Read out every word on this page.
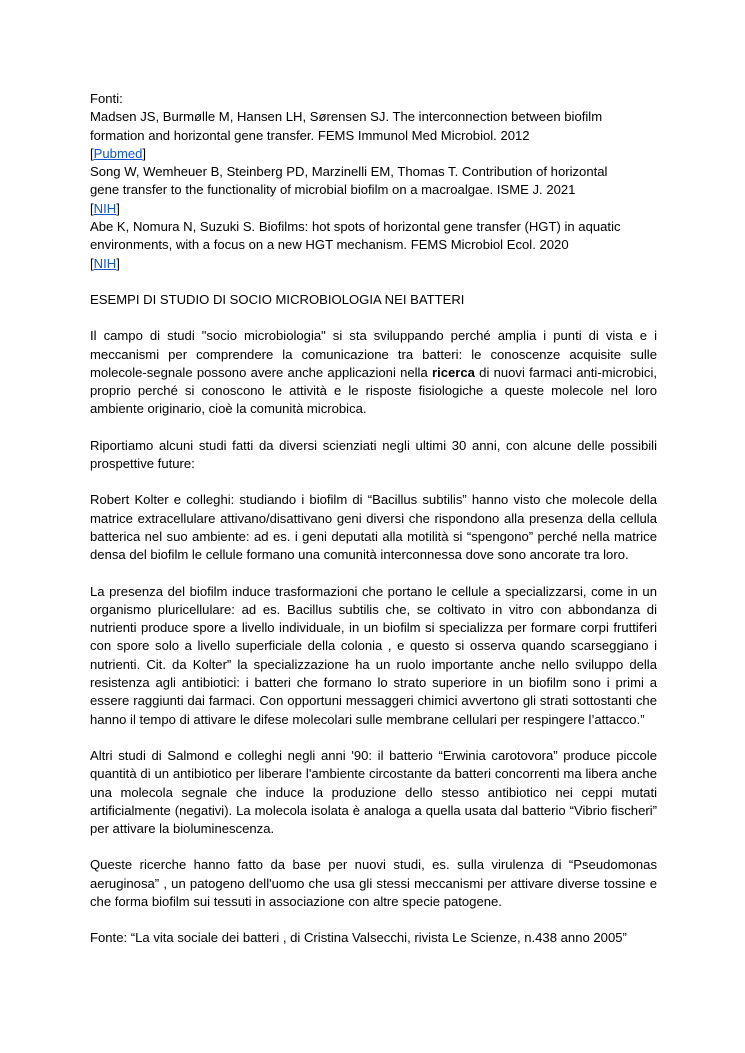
Fonti:
Madsen JS, Burmølle M, Hansen LH, Sørensen SJ. The interconnection between biofilm
formation and horizontal gene transfer. FEMS Immunol Med Microbiol. 2012
[Pubmed]
Song W, Wemheuer B, Steinberg PD, Marzinelli EM, Thomas T. Contribution of horizontal
gene transfer to the functionality of microbial biofilm on a macroalgae. ISME J. 2021
[NIH]
Abe K, Nomura N, Suzuki S. Biofilms: hot spots of horizontal gene transfer (HGT) in aquatic
environments, with a focus on a new HGT mechanism. FEMS Microbiol Ecol. 2020
[NIH]
ESEMPI DI STUDIO DI SOCIO MICROBIOLOGIA NEI BATTERI

Il campo di studi "socio microbiologia" si sta sviluppando perché amplia i punti di vista e i meccanismi per comprendere la comunicazione tra batteri: le conoscenze acquisite sulle molecole-segnale possono avere anche applicazioni nella ricerca di nuovi farmaci anti-microbici, proprio perché si conoscono le attività e le risposte fisiologiche a queste molecole nel loro ambiente originario, cioè la comunità microbica.

Riportiamo alcuni studi fatti da diversi scienziati negli ultimi 30 anni, con alcune delle possibili prospettive future:

Robert Kolter e colleghi: studiando i biofilm di “Bacillus subtilis” hanno visto che molecole della matrice extracellulare attivano/disattivano geni diversi che rispondono alla presenza della cellula batterica nel suo ambiente: ad es. i geni deputati alla motilità si “spengono” perché nella matrice densa del biofilm le cellule formano una comunità interconnessa dove sono ancorate tra loro.

La presenza del biofilm induce trasformazioni che portano le cellule a specializzarsi, come in un organismo pluricellulare: ad es. Bacillus subtilis che, se coltivato in vitro con abbondanza di nutrienti produce spore a livello individuale, in un biofilm si specializza per formare corpi fruttiferi con spore solo a livello superficiale della colonia , e questo si osserva quando scarseggiano i nutrienti. Cit. da Kolter” la specializzazione ha un ruolo importante anche nello sviluppo della resistenza agli antibiotici: i batteri che formano lo strato superiore in un biofilm sono i primi a essere raggiunti dai farmaci. Con opportuni messaggeri chimici avvertono gli strati sottostanti che hanno il tempo di attivare le difese molecolari sulle membrane cellulari per respingere l’attacco.”

Altri studi di Salmond e colleghi negli anni '90: il batterio “Erwinia carotovora” produce piccole quantità di un antibiotico per liberare l'ambiente circostante da batteri concorrenti ma libera anche una molecola segnale che induce la produzione dello stesso antibiotico nei ceppi mutati artificialmente (negativi). La molecola isolata è analoga a quella usata dal batterio “Vibrio fischeri” per attivare la bioluminescenza.

Queste ricerche hanno fatto da base per nuovi studi, es. sulla virulenza di “Pseudomonas aeruginosa” , un patogeno dell'uomo che usa gli stessi meccanismi per attivare diverse tossine e che forma biofilm sui tessuti in associazione con altre specie patogene.

Fonte: “La vita sociale dei batteri , di Cristina Valsecchi, rivista Le Scienze, n.438 anno 2005”
